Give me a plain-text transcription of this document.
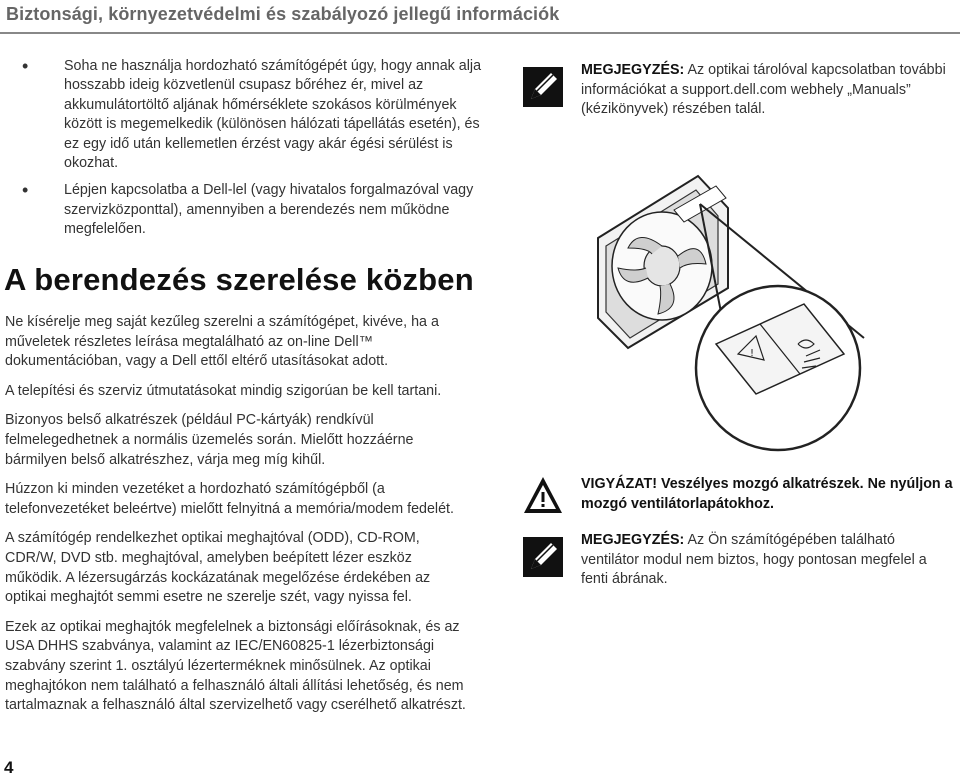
Biztonsági, környezetvédelmi és szabályozó jellegű információk
• Soha ne használja hordozható számítógépét úgy, hogy annak alja hosszabb ideig közvetlenül csupasz bőréhez ér, mivel az akkumulátortöltő aljának hőmérséklete szokásos körülmények között is megemelkedik (különösen hálózati tápellátás esetén), és ez egy idő után kellemetlen érzést vagy akár égési sérülést is okozhat.
• Lépjen kapcsolatba a Dell-lel (vagy hivatalos forgalmazóval vagy szervizközponttal), amennyiben a berendezés nem működne megfelelően.
A berendezés szerelése közben

Ne kísérelje meg saját kezűleg szerelni a számítógépet, kivéve, ha a műveletek részletes leírása megtalálható az on-line Dell™ dokumentációban, vagy a Dell ettől eltérő utasításokat adott.

A telepítési és szerviz útmutatásokat mindig szigorúan be kell tartani.

Bizonyos belső alkatrészek (például PC-kártyák) rendkívül felmelegedhetnek a normális üzemelés során. Mielőtt hozzáérne bármilyen belső alkatrészhez, várja meg míg kihűl.

Húzzon ki minden vezetéket a hordozható számítógépből (a telefonvezetéket beleértve) mielőtt felnyitná a memória/modem fedelét.

A számítógép rendelkezhet optikai meghajtóval (ODD), CD-ROM, CDR/W, DVD stb. meghajtóval, amelyben beépített lézer eszköz működik. A lézersugárzás kockázatának megelőzése érdekében az optikai meghajtót semmi esetre ne szerelje szét, vagy nyissa fel.

Ezek az optikai meghajtók megfelelnek a biztonsági előírásoknak, és az USA DHHS szabványa, valamint az IEC/EN60825-1 lézerbiztonsági szabvány szerint 1. osztályú lézerterméknek minősülnek. Az optikai meghajtókon nem található a felhasználó általi állítási lehetőség, és nem tartalmaznak a felhasználó által szervizelhető vagy cserélhető alkatrészt.

MEGJEGYZÉS: Az optikai tárolóval kapcsolatban további információkat a support.dell.com webhely „Manuals” (kézikönyvek) részében talál.
!
VIGYÁZAT! Veszélyes mozgó alkatrészek. Ne nyúljon a mozgó ventilátorlapátokhoz.
MEGJEGYZÉS: Az Ön számítógépében található ventilátor modul nem biztos, hogy pontosan megfelel a fenti ábrának.
4
